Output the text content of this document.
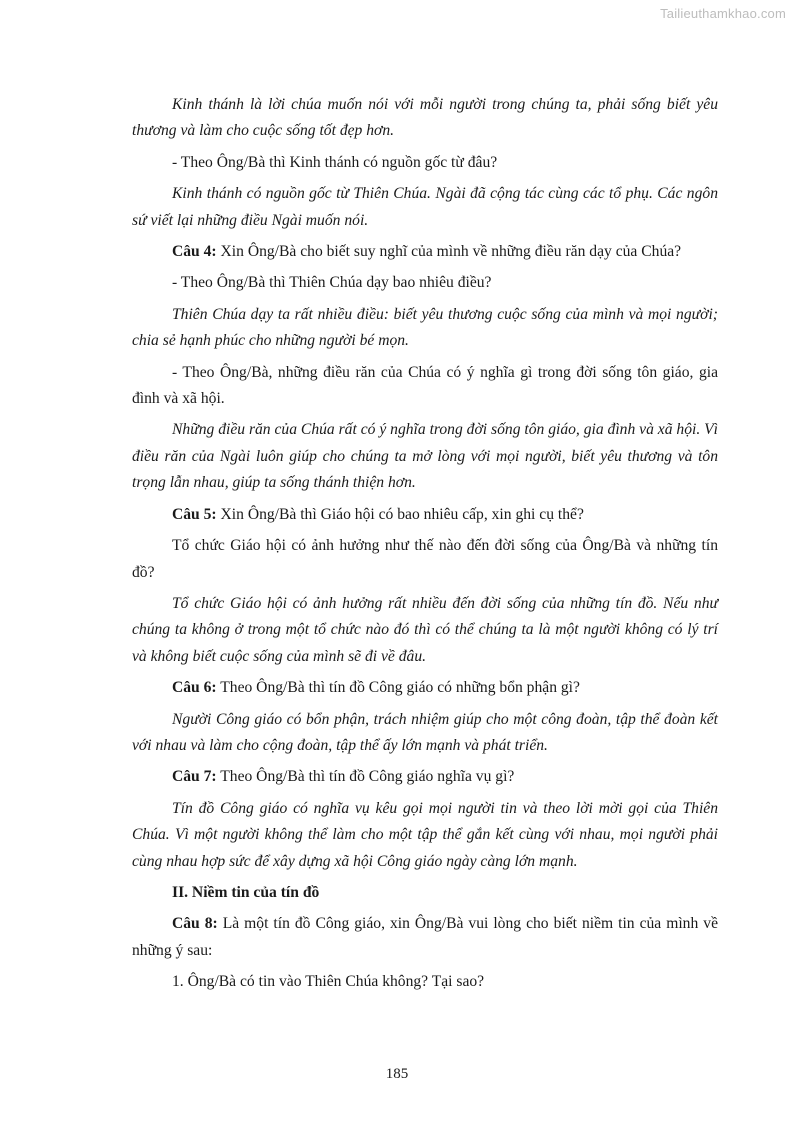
Tailieuthamkhao.com

Kinh thánh là lời chúa muốn nói với mỗi người trong chúng ta, phải sống biết yêu thương và làm cho cuộc sống tốt đẹp hơn.

- Theo Ông/Bà thì Kinh thánh có nguồn gốc từ đâu?

Kinh thánh có nguồn gốc từ Thiên Chúa. Ngài đã cộng tác cùng các tổ phụ. Các ngôn sứ viết lại những điều Ngài muốn nói.

Câu 4: Xin Ông/Bà cho biết suy nghĩ của mình về những điều răn dạy của Chúa?

- Theo Ông/Bà thì Thiên Chúa dạy bao nhiêu điều?

Thiên Chúa dạy ta rất nhiều điều: biết yêu thương cuộc sống của mình và mọi người; chia sẻ hạnh phúc cho những người bé mọn.

- Theo Ông/Bà, những điều răn của Chúa có ý nghĩa gì trong đời sống tôn giáo, gia đình và xã hội.

Những điều răn của Chúa rất có ý nghĩa trong đời sống tôn giáo, gia đình và xã hội. Vì điều răn của Ngài luôn giúp cho chúng ta mở lòng với mọi người, biết yêu thương và tôn trọng lẫn nhau, giúp ta sống thánh thiện hơn.

Câu 5: Xin Ông/Bà thì Giáo hội có bao nhiêu cấp, xin ghi cụ thể?

Tổ chức Giáo hội có ảnh hưởng như thế nào đến đời sống của Ông/Bà và những tín đồ?

Tổ chức Giáo hội có ảnh hưởng rất nhiều đến đời sống của những tín đồ. Nếu như chúng ta không ở trong một tổ chức nào đó thì có thể chúng ta là một người không có lý trí và không biết cuộc sống của mình sẽ đi về đâu.

Câu 6: Theo Ông/Bà thì tín đồ Công giáo có những bổn phận gì?

Người Công giáo có bổn phận, trách nhiệm giúp cho một công đoàn, tập thể đoàn kết với nhau và làm cho cộng đoàn, tập thể ấy lớn mạnh và phát triển.

Câu 7: Theo Ông/Bà thì tín đồ Công giáo nghĩa vụ gì?

Tín đồ Công giáo có nghĩa vụ kêu gọi mọi người tin và theo lời mời gọi của Thiên Chúa. Vì một người không thể làm cho một tập thể gắn kết cùng với nhau, mọi người phải cùng nhau hợp sức để xây dựng xã hội Công giáo ngày càng lớn mạnh.

II. Niềm tin của tín đồ

Câu 8: Là một tín đồ Công giáo, xin Ông/Bà vui lòng cho biết niềm tin của mình về những ý sau:

1. Ông/Bà có tin vào Thiên Chúa không? Tại sao?

185
